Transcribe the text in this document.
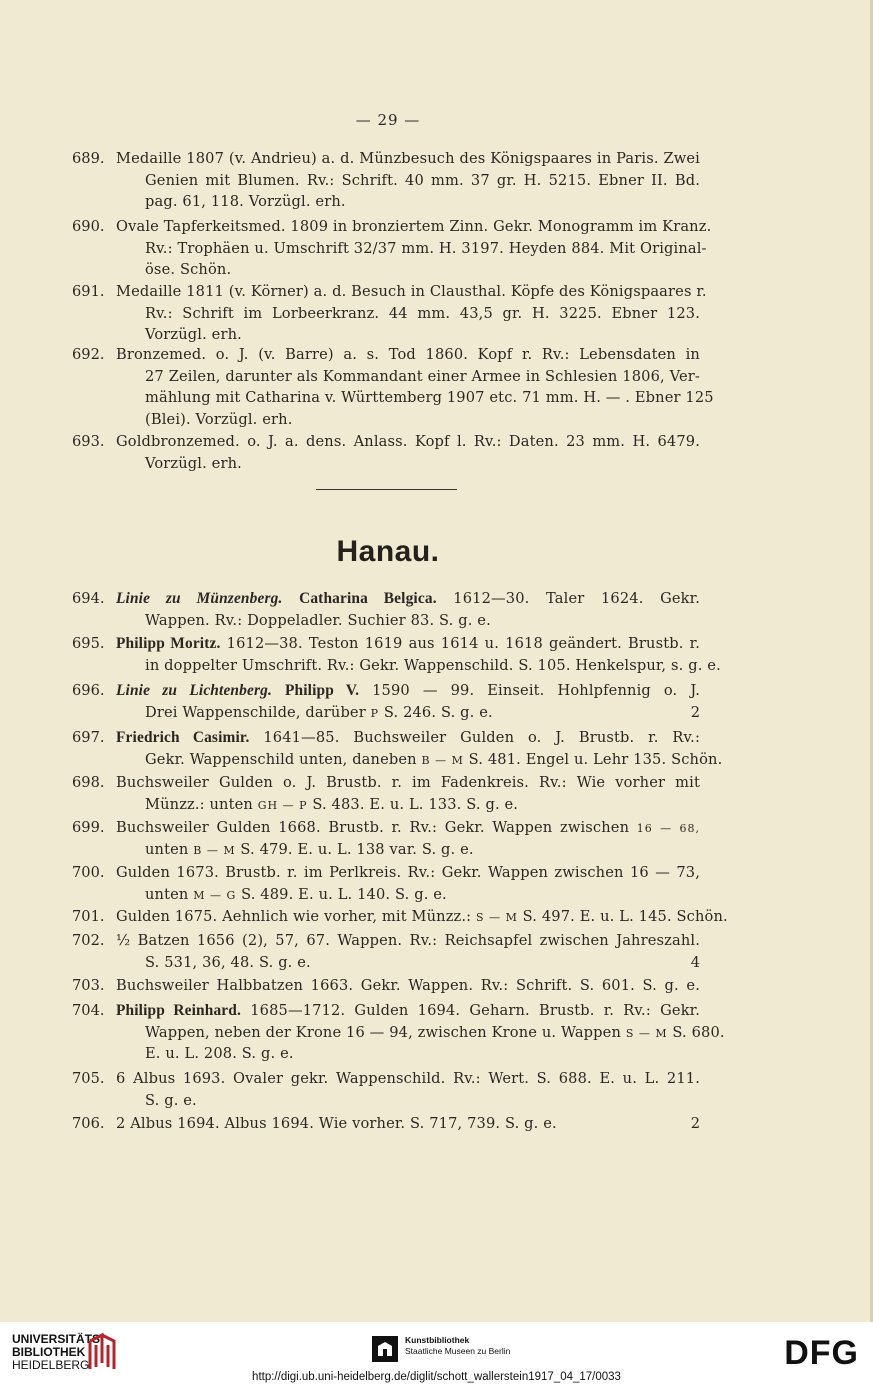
— 29 —
689. Medaille 1807 (v. Andrieu) a. d. Münzbesuch des Königspaares in Paris. Zwei
Genien mit Blumen. Rv.: Schrift. 40 mm. 37 gr. H. 5215. Ebner II. Bd.
pag. 61, 118. Vorzügl. erh.
690. Ovale Tapferkeitsmed. 1809 in bronziertem Zinn. Gekr. Monogramm im Kranz.
Rv.: Trophäen u. Umschrift 32/37 mm. H. 3197. Heyden 884. Mit Original-
öse. Schön.
691. Medaille 1811 (v. Körner) a. d. Besuch in Clausthal. Köpfe des Königspaares r.
Rv.: Schrift im Lorbeerkranz. 44 mm. 43,5 gr. H. 3225. Ebner 123.
Vorzügl. erh.
692. Bronzemed. o. J. (v. Barre) a. s. Tod 1860. Kopf r. Rv.: Lebensdaten in
27 Zeilen, darunter als Kommandant einer Armee in Schlesien 1806, Ver-
mählung mit Catharina v. Württemberg 1907 etc. 71 mm. H. — . Ebner 125
(Blei). Vorzügl. erh.
693. Goldbronzemed. o. J. a. dens. Anlass. Kopf l. Rv.: Daten. 23 mm. H. 6479.
Vorzügl. erh.
Hanau.
694. Linie zu Münzenberg. Catharina Belgica. 1612—30. Taler 1624. Gekr.
Wappen. Rv.: Doppeladler. Suchier 83. S. g. e.
695. Philipp Moritz. 1612—38. Teston 1619 aus 1614 u. 1618 geändert. Brustb. r.
in doppelter Umschrift. Rv.: Gekr. Wappenschild. S. 105. Henkelspur, s. g. e.
696. Linie zu Lichtenberg. Philipp V. 1590 — 99. Einseit. Hohlpfennig o. J.
Drei Wappenschilde, darüber P S. 246. S. g. e.	2
697. Friedrich Casimir. 1641—85. Buchsweiler Gulden o. J. Brustb. r. Rv.:
Gekr. Wappenschild unten, daneben B — M S. 481. Engel u. Lehr 135. Schön.
698. Buchsweiler Gulden o. J. Brustb. r. im Fadenkreis. Rv.: Wie vorher mit
Münzz.: unten GH — P S. 483. E. u. L. 133. S. g. e.
699. Buchsweiler Gulden 1668. Brustb. r. Rv.: Gekr. Wappen zwischen 16 — 68,
unten B — M S. 479. E. u. L. 138 var. S. g. e.
700. Gulden 1673. Brustb. r. im Perlkreis. Rv.: Gekr. Wappen zwischen 16 — 73,
unten M — G S. 489. E. u. L. 140. S. g. e.
701. Gulden 1675. Aehnlich wie vorher, mit Münzz.: S — M S. 497. E. u. L. 145. Schön.
702. ½ Batzen 1656 (2), 57, 67. Wappen. Rv.: Reichsapfel zwischen Jahreszahl.
S. 531, 36, 48. S. g. e.	4
703. Buchsweiler Halbbatzen 1663. Gekr. Wappen. Rv.: Schrift. S. 601. S. g. e.
704. Philipp Reinhard. 1685—1712. Gulden 1694. Geharn. Brustb. r. Rv.: Gekr.
Wappen, neben der Krone 16 — 94, zwischen Krone u. Wappen S — M S. 680.
E. u. L. 208. S. g. e.
705. 6 Albus 1693. Ovaler gekr. Wappenschild. Rv.: Wert. S. 688. E. u. L. 211.
S. g. e.
706. 2 Albus 1694. Albus 1694. Wie vorher. S. 717, 739. S. g. e.	2
UNIVERSITÄTS-
BIBLIOTHEK
HEIDELBERG
Kunstbibliothek
Staatliche Museen zu Berlin	DFG
http://digi.ub.uni-heidelberg.de/diglit/schott_wallerstein1917_04_17/0033
